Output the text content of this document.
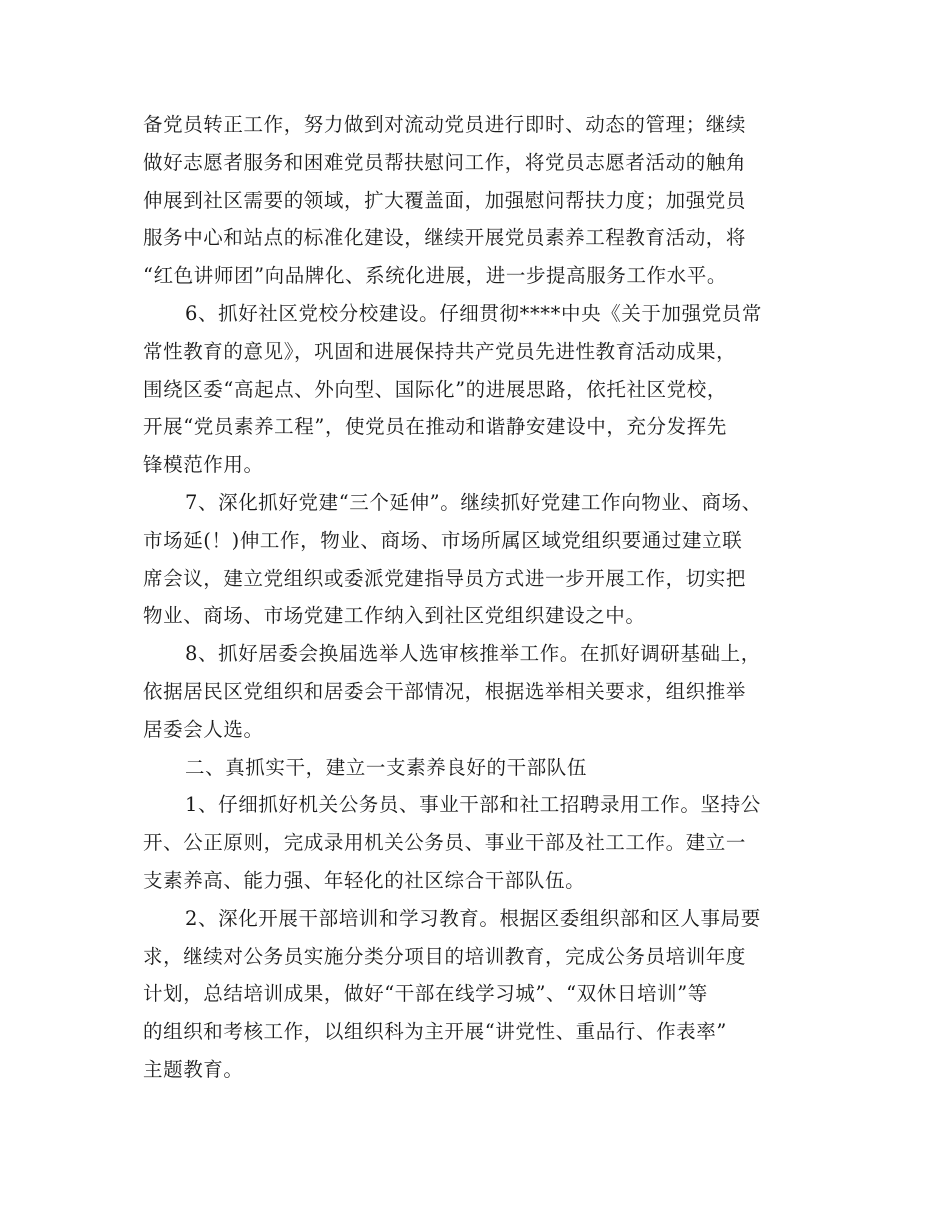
备党员转正工作，努力做到对流动党员进行即时、动态的管理；继续
做好志愿者服务和困难党员帮扶慰问工作，将党员志愿者活动的触角
伸展到社区需要的领域，扩大覆盖面，加强慰问帮扶力度；加强党员
服务中心和站点的标准化建设，继续开展党员素养工程教育活动，将
“红色讲师团”向品牌化、系统化进展，进一步提高服务工作水平。
6、抓好社区党校分校建设。仔细贯彻****中央《关于加强党员常
常性教育的意见》，巩固和进展保持共产党员先进性教育活动成果，
围绕区委“高起点、外向型、国际化”的进展思路，依托社区党校，
开展“党员素养工程”，使党员在推动和谐静安建设中，充分发挥先
锋模范作用。
7、深化抓好党建“三个延伸”。继续抓好党建工作向物业、商场、
市场延(！)伸工作，物业、商场、市场所属区域党组织要通过建立联
席会议，建立党组织或委派党建指导员方式进一步开展工作，切实把
物业、商场、市场党建工作纳入到社区党组织建设之中。
8、抓好居委会换届选举人选审核推举工作。在抓好调研基础上，
依据居民区党组织和居委会干部情况，根据选举相关要求，组织推举
居委会人选。
二、真抓实干，建立一支素养良好的干部队伍
1、仔细抓好机关公务员、事业干部和社工招聘录用工作。坚持公
开、公正原则，完成录用机关公务员、事业干部及社工工作。建立一
支素养高、能力强、年轻化的社区综合干部队伍。
2、深化开展干部培训和学习教育。根据区委组织部和区人事局要
求，继续对公务员实施分类分项目的培训教育，完成公务员培训年度
计划，总结培训成果，做好“干部在线学习城”、“双休日培训”等
的组织和考核工作，以组织科为主开展“讲党性、重品行、作表率”
主题教育。
